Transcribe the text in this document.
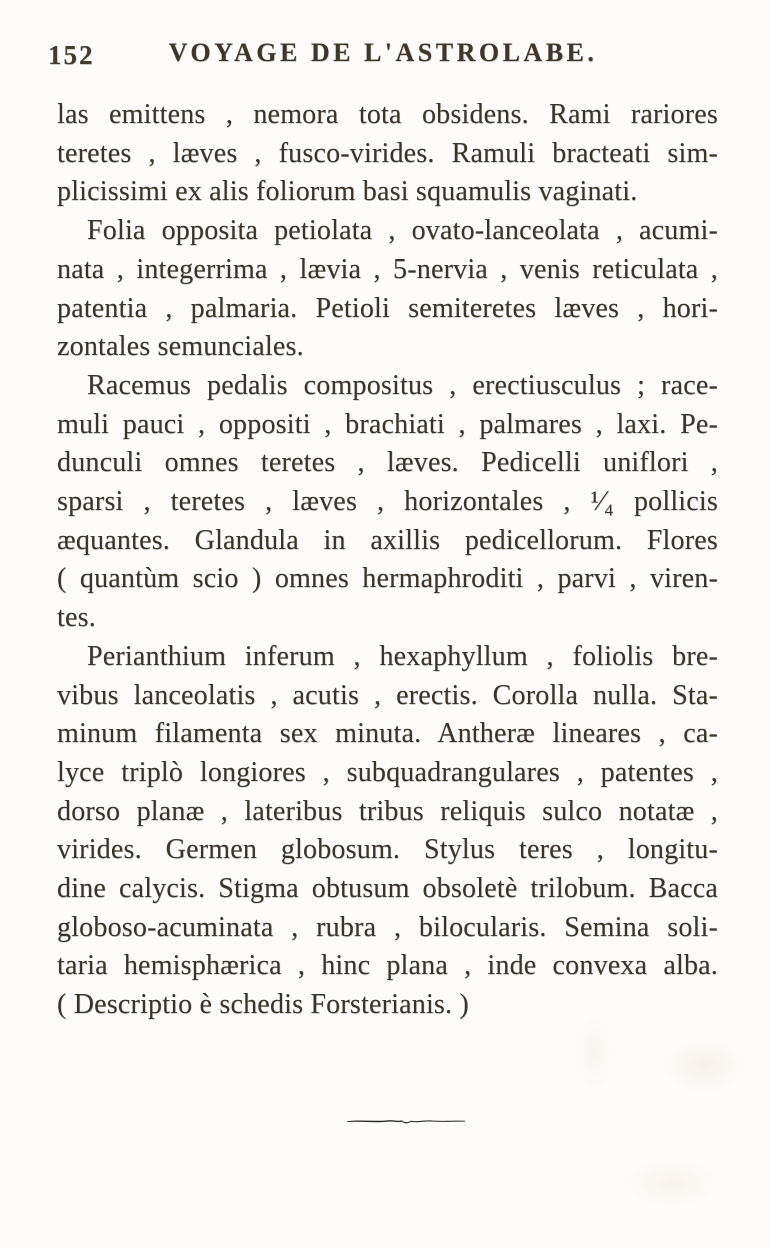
152	VOYAGE DE L'ASTROLABE.
las emittens , nemora tota obsidens. Rami rariores
teretes , læves , fusco-virides. Ramuli bracteati sim-
plicissimi ex alis foliorum basi squamulis vaginati.
Folia opposita petiolata , ovato-lanceolata , acumi-
nata , integerrima , lævia , 5-nervia , venis reticulata ,
patentia , palmaria. Petioli semiteretes læves , hori-
zontales semunciales.
Racemus pedalis compositus , erectiusculus ; race-
muli pauci , oppositi , brachiati , palmares , laxi. Pe-
dunculi omnes teretes , læves. Pedicelli uniflori ,
sparsi , teretes , læves , horizontales , ¹⁄₄ pollicis
æquantes. Glandula in axillis pedicellorum. Flores
( quantùm scio ) omnes hermaphroditi , parvi , viren-
tes.
Perianthium inferum , hexaphyllum , foliolis bre-
vibus lanceolatis , acutis , erectis. Corolla nulla. Sta-
minum filamenta sex minuta. Antheræ lineares , ca-
lyce triplò longiores , subquadrangulares , patentes ,
dorso planæ , lateribus tribus reliquis sulco notatæ ,
virides. Germen globosum. Stylus teres , longitu-
dine calycis. Stigma obtusum obsoletè trilobum. Bacca
globoso-acuminata , rubra , bilocularis. Semina soli-
taria hemisphærica , hinc plana , inde convexa alba.
( Descriptio è schedis Forsterianis. )
